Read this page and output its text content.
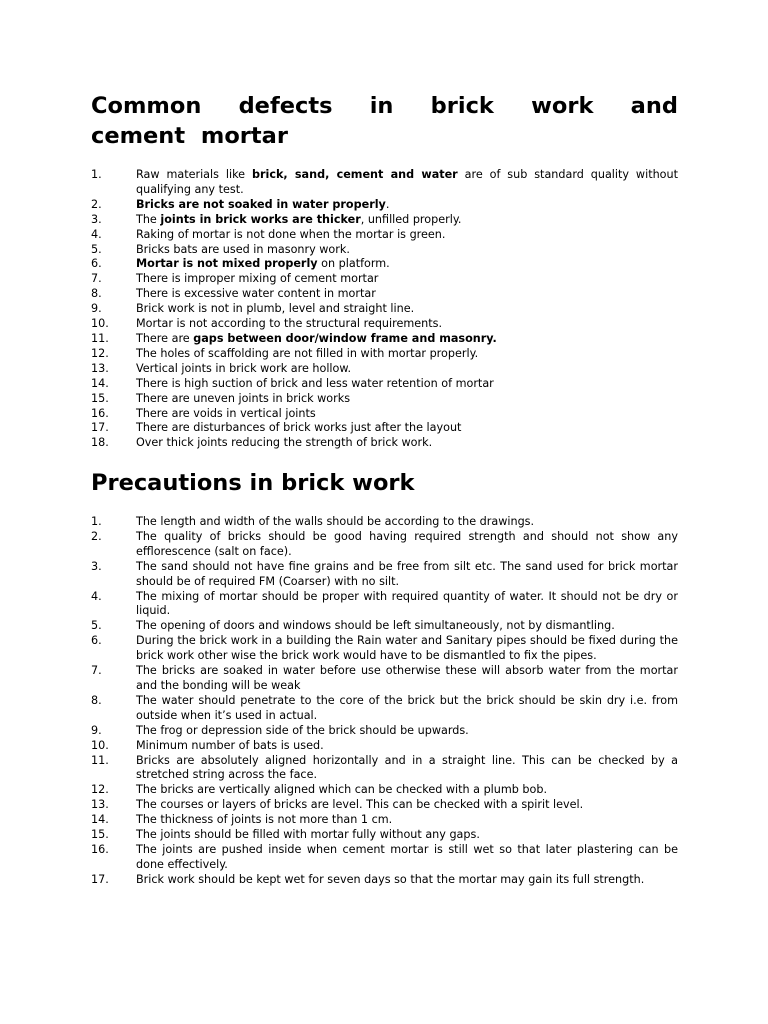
Common defects in brick work and cement mortar
1.	Raw materials like brick, sand, cement and water are of sub standard quality without qualifying any test.
2.	Bricks are not soaked in water properly.
3.	The joints in brick works are thicker, unfilled properly.
4.	Raking of mortar is not done when the mortar is green.
5.	Bricks bats are used in masonry work.
6.	Mortar is not mixed properly on platform.
7.	There is improper mixing of cement mortar
8.	There is excessive water content in mortar
9.	Brick work is not in plumb, level and straight line.
10.	Mortar is not according to the structural requirements.
11.	There are gaps between door/window frame and masonry.
12.	The holes of scaffolding are not filled in with mortar properly.
13.	Vertical joints in brick work are hollow.
14.	There is high suction of brick and less water retention of mortar
15.	There are uneven joints in brick works
16.	There are voids in vertical joints
17.	There are disturbances of brick works just after the layout
18.	Over thick joints reducing the strength of brick work.
Precautions in brick work
1.	The length and width of the walls should be according to the drawings.
2.	The quality of bricks should be good having required strength and should not show any efflorescence (salt on face).
3.	The sand should not have fine grains and be free from silt etc. The sand used for brick mortar should be of required FM (Coarser) with no silt.
4.	The mixing of mortar should be proper with required quantity of water. It should not be dry or liquid.
5.	The opening of doors and windows should be left simultaneously, not by dismantling.
6.	During the brick work in a building the Rain water and Sanitary pipes should be fixed during the brick work other wise the brick work would have to be dismantled to fix the pipes.
7.	The bricks are soaked in water before use otherwise these will absorb water from the mortar and the bonding will be weak
8.	The water should penetrate to the core of the brick but the brick should be skin dry i.e. from outside when it’s used in actual.
9.	The frog or depression side of the brick should be upwards.
10.	Minimum number of bats is used.
11.	Bricks are absolutely aligned horizontally and in a straight line. This can be checked by a stretched string across the face.
12.	The bricks are vertically aligned which can be checked with a plumb bob.
13.	The courses or layers of bricks are level. This can be checked with a spirit level.
14.	The thickness of joints is not more than 1 cm.
15.	The joints should be filled with mortar fully without any gaps.
16.	The joints are pushed inside when cement mortar is still wet so that later plastering can be done effectively.
17.	Brick work should be kept wet for seven days so that the mortar may gain its full strength.
